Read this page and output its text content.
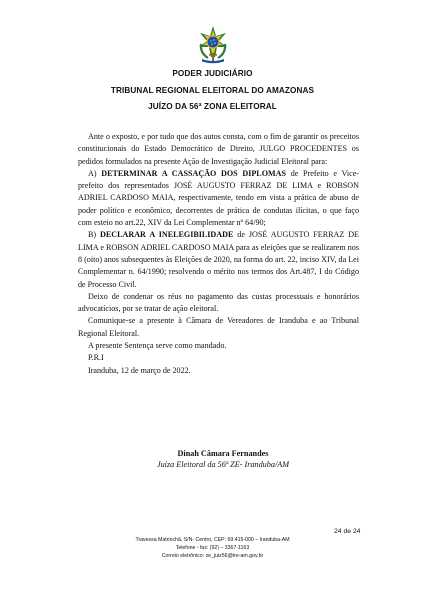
PODER JUDICIÁRIO
TRIBUNAL REGIONAL ELEITORAL DO AMAZONAS
JUÍZO DA 56ª ZONA ELEITORAL

Ante o exposto, e por tudo que dos autos consta, com o fim de garantir os preceitos constitucionais do Estado Democrático de Direito, JULGO PROCEDENTES os pedidos formulados na presente Ação de Investigação Judicial Eleitoral para:

A) DETERMINAR A CASSAÇÃO DOS DIPLOMAS de Prefeito e Vice-prefeito dos representados JOSÉ AUGUSTO FERRAZ DE LIMA e ROBSON ADRIEL CARDOSO MAIA, respectivamente, tendo em vista a prática de abuso de poder político e econômico, decorrentes de prática de condutas ilícitas, o que faço com esteio no art.22, XIV da Lei Complementar nº 64/90;

B) DECLARAR A INELEGIBILIDADE de JOSÉ AUGUSTO FERRAZ DE LIMA e ROBSON ADRIEL CARDOSO MAIA para as eleições que se realizarem nos 8 (oito) anos subsequentes às Eleições de 2020, na forma do art. 22, inciso XIV, da Lei Complementar n. 64/1990; resolvendo o mérito nos termos dos Art.487, I do Código de Processo Civil.

Deixo de condenar os réus no pagamento das custas processuais e honorários advocatícios, por se tratar de ação eleitoral.

Comunique-se a presente à Câmara de Vereadores de Iranduba e ao Tribunal Regional Eleitoral.

A presente Sentença serve como mandado.

P.R.I

Iranduba, 12 de março de 2022.

Dinah Câmara Fernandes
Juíza Eleitoral da 56ª ZE- Iranduba/AM
24 de 24
Travessa Matrinchã, S/N- Centro, CEP: 69.415-000 – Iranduba-AM
Telefone - fax: (92) – 3367-1163
Correio eletrônico: ze_juiz56@tre-am.gov.br
